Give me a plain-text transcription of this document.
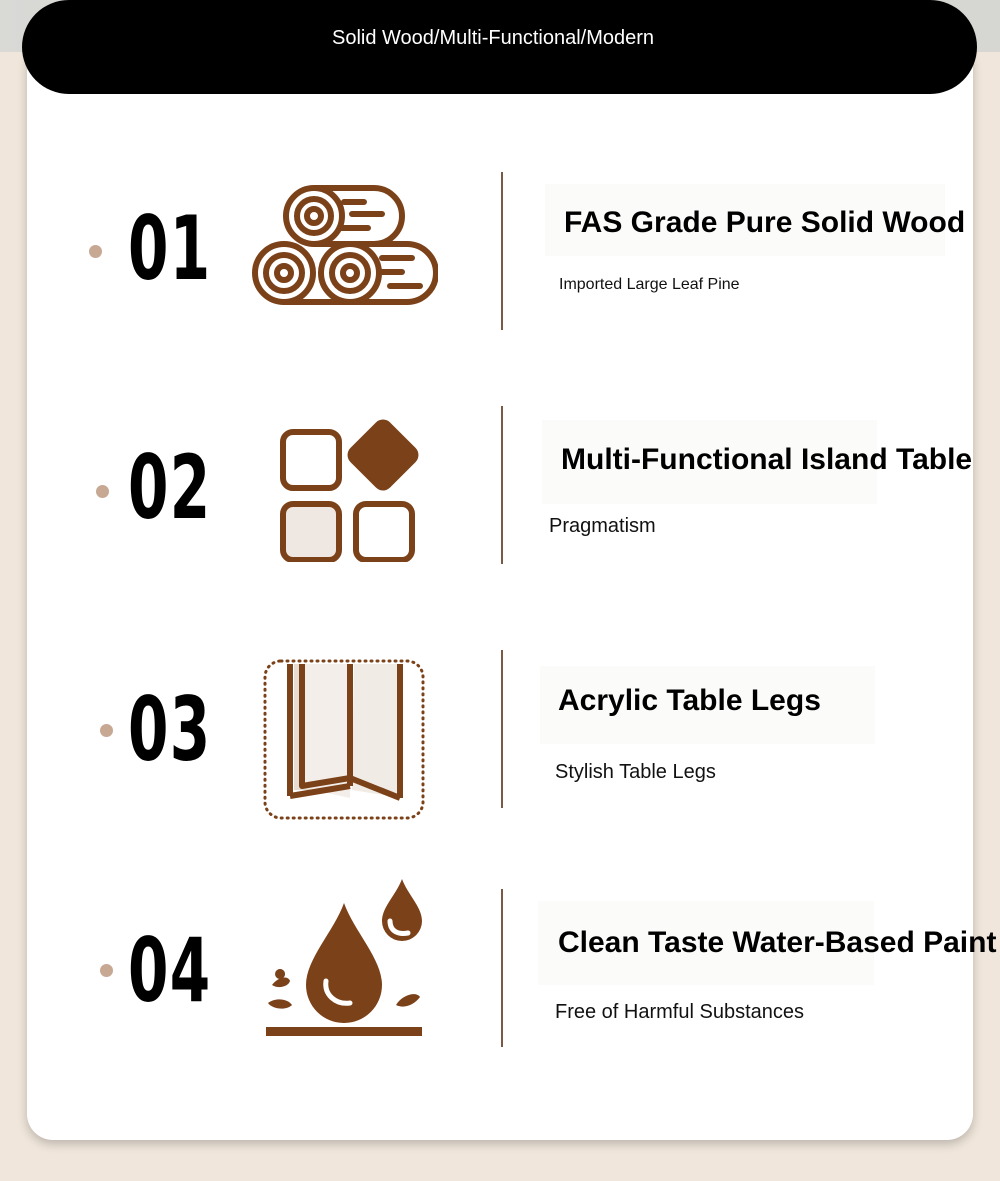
Solid Wood/Multi-Functional/Modern
01	FAS Grade Pure Solid Wood
Imported Large Leaf Pine
02	Multi-Functional Island Table
Pragmatism
03	Acrylic Table Legs
Stylish Table Legs
04	Clean Taste Water-Based Paint
Free of Harmful Substances
